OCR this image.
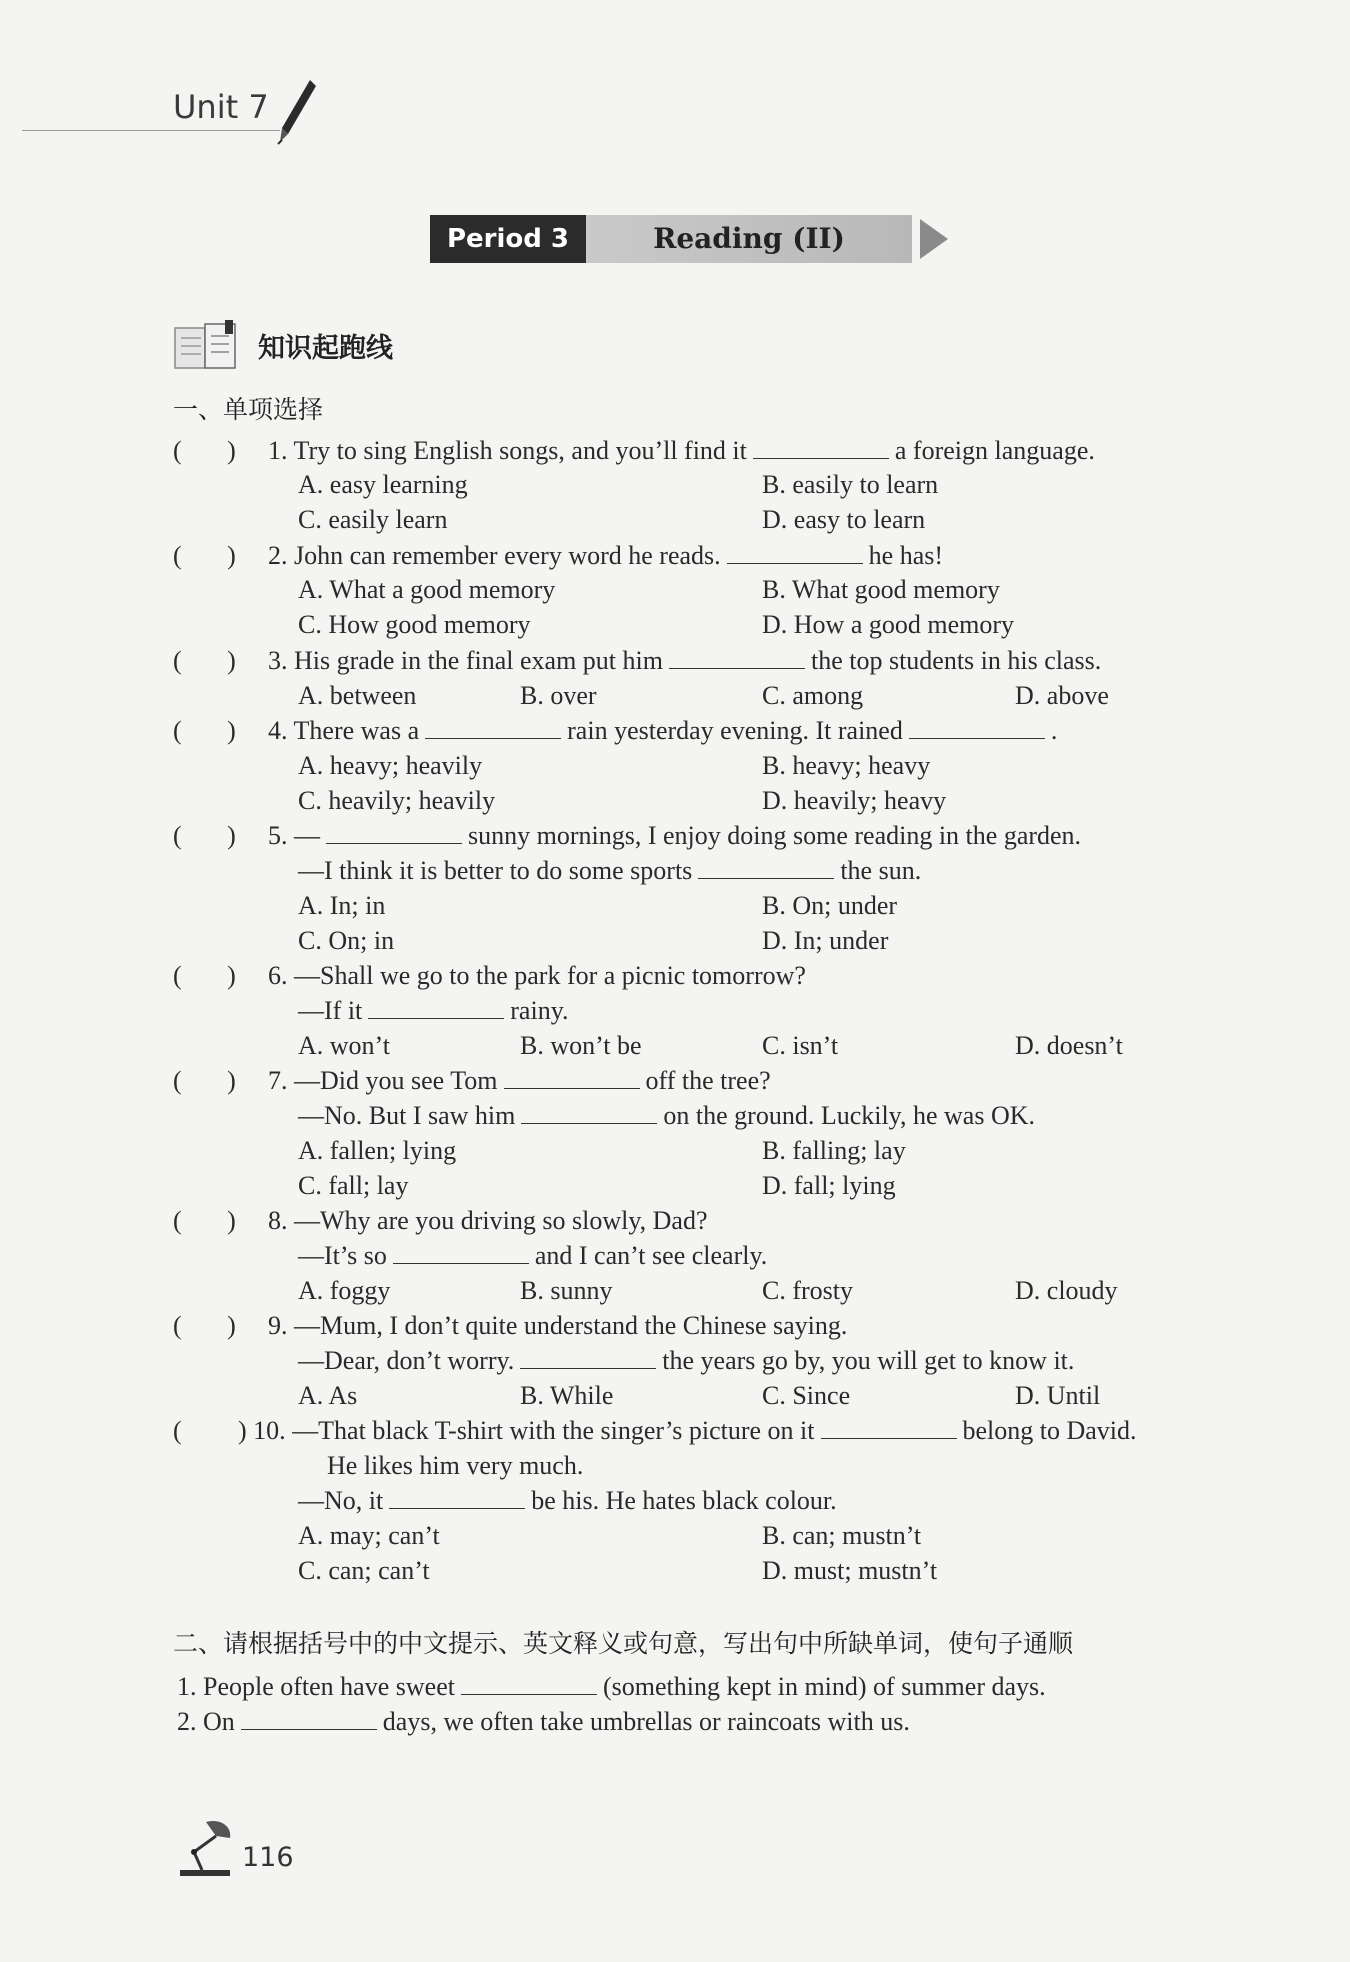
Unit 7
Period 3	Reading (II)
知识起跑线
一、单项选择
(       ) 1. Try to sing English songs, and you’ll find it	a foreign language.
A. easy learning	B. easily to learn
C. easily learn	D. easy to learn
(       ) 2. John can remember every word he reads.	he has!
A. What a good memory	B. What good memory
C. How good memory	D. How a good memory
(       ) 3. His grade in the final exam put him	the top students in his class.
A. between	B. over	C. among	D. above
(       ) 4. There was a	rain yesterday evening. It rained	.
A. heavy; heavily	B. heavy; heavy
C. heavily; heavily	D. heavily; heavy
(       ) 5. —	sunny mornings, I enjoy doing some reading in the garden.
—I think it is better to do some sports	the sun.
A. In; in	B. On; under
C. On; in	D. In; under
(       ) 6. —Shall we go to the park for a picnic tomorrow?
—If it	rainy.
A. won’t	B. won’t be	C. isn’t	D. doesn’t
(       ) 7. —Did you see Tom	off the tree?
—No. But I saw him	on the ground. Luckily, he was OK.
A. fallen; lying	B. falling; lay
C. fall; lay	D. fall; lying
(       ) 8. —Why are you driving so slowly, Dad?
—It’s so	and I can’t see clearly.
A. foggy	B. sunny	C. frosty	D. cloudy
(       ) 9. —Mum, I don’t quite understand the Chinese saying.
—Dear, don’t worry.	the years go by, you will get to know it.
A. As	B. While	C. Since	D. Until
( ) 10. —That black T-shirt with the singer’s picture on it	belong to David.
He likes him very much.
—No, it	be his. He hates black colour.
A. may; can’t	B. can; mustn’t
C. can; can’t	D. must; mustn’t
二、请根据括号中的中文提示、英文释义或句意，写出句中所缺单词，使句子通顺
1. People often have sweet	(something kept in mind) of summer days.
2. On	days, we often take umbrellas or raincoats with us.
116
